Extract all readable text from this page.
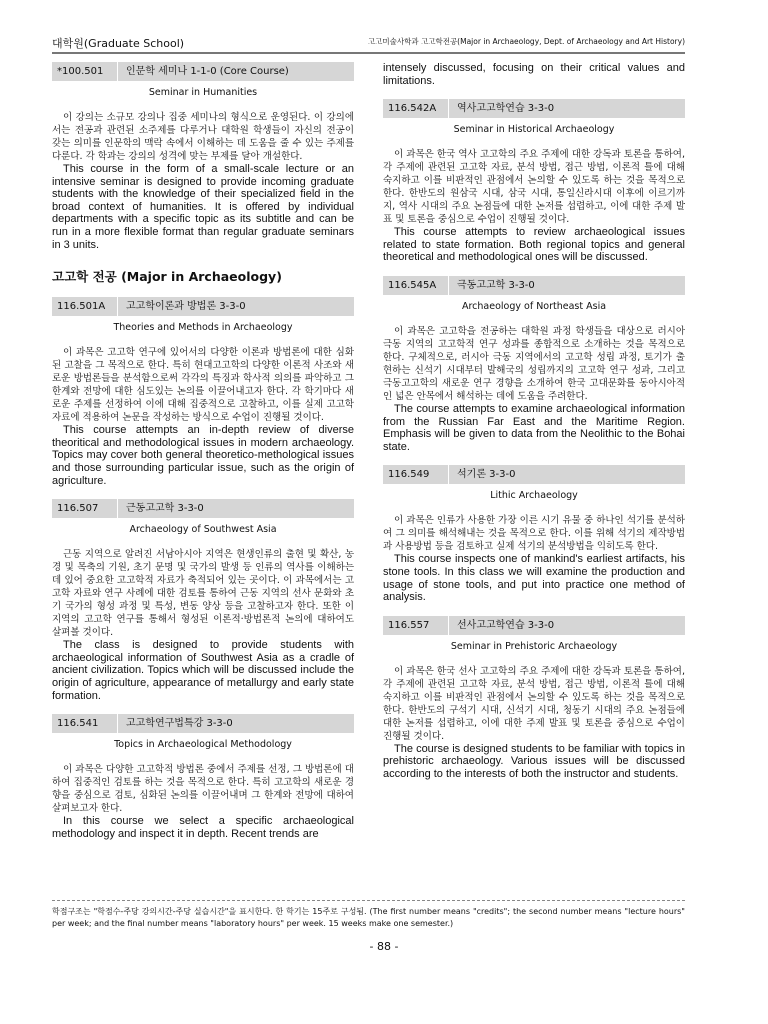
대학원(Graduate School)	고고미술사학과 고고학전공(Major in Archaeology, Dept. of Archaeology and Art History)
*100.501	인문학 세미나 1-1-0 (Core Course)
Seminar in Humanities

이 강의는 소규모 강의나 집중 세미나의 형식으로 운영된다. 이 강의에서는 전공과 관련된 소주제를 다루거나 대학원 학생들이 자신의 전공이 갖는 의미를 인문학의 맥락 속에서 이해하는 데 도움을 줄 수 있는 주제를 다룬다. 각 학과는 강의의 성격에 맞는 부제를 달아 개설한다.

This course in the form of a small-scale lecture or an intensive seminar is designed to provide incoming graduate students with the knowledge of their specialized field in the broad context of humanities. It is offered by individual departments with a specific topic as its subtitle and can be run in a more flexible format than regular graduate seminars in 3 units.

고고학 전공 (Major in Archaeology)
116.501A	고고학이론과 방법론 3-3-0
Theories and Methods in Archaeology

이 과목은 고고학 연구에 있어서의 다양한 이론과 방법론에 대한 심화된 고찰을 그 목적으로 한다. 특히 현대고고학의 다양한 이론적 사조와 새로운 방법론들을 분석함으로써 각각의 특징과 학사적 의의를 파악하고 그 한계와 전망에 대한 심도있는 논의를 이끌어내고자 한다. 각 학기마다 새로운 주제를 선정하여 이에 대해 집중적으로 고찰하고, 이를 실제 고고학 자료에 적용하여 논문을 작성하는 방식으로 수업이 진행될 것이다.

This course attempts an in-depth review of diverse theoritical and methodological issues in modern archaeology. Topics may cover both general theoretico-methological issues and those surrounding particular issue, such as the origin of agriculture.

116.507	근동고고학 3-3-0
Archaeology of Southwest Asia

근동 지역으로 알려진 서남아시아 지역은 현생인류의 출현 및 확산, 농경 및 목축의 기원, 초기 문명 및 국가의 발생 등 인류의 역사를 이해하는 데 있어 중요한 고고학적 자료가 축적되어 있는 곳이다. 이 과목에서는 고고학 자료와 연구 사례에 대한 검토를 통하여 근동 지역의 선사 문화와 초기 국가의 형성 과정 및 특성, 변동 양상 등을 고찰하고자 한다. 또한 이 지역의 고고학 연구를 통해서 형성된 이론적·방법론적 논의에 대하여도 살펴볼 것이다.

The class is designed to provide students with archaeological information of Southwest Asia as a cradle of ancient civilization. Topics which will be discussed include the origin of agriculture, appearance of metallurgy and early state formation.

116.541	고고학연구법특강 3-3-0
Topics in Archaeological Methodology

이 과목은 다양한 고고학적 방법론 중에서 주제를 선정, 그 방법론에 대하여 집중적인 검토를 하는 것을 목적으로 한다. 특히 고고학의 새로운 경향을 중심으로 검토, 심화된 논의를 이끌어내며 그 한계와 전망에 대하여 살펴보고자 한다.

In this course we select a specific archaeological methodology and inspect it in depth. Recent trends are

intensely discussed, focusing on their critical values and limitations.

116.542A	역사고고학연습 3-3-0
Seminar in Historical Archaeology

이 과목은 한국 역사 고고학의 주요 주제에 대한 강독과 토론을 통하여, 각 주제에 관련된 고고학 자료, 분석 방법, 접근 방법, 이론적 틀에 대해 숙지하고 이를 비판적인 관점에서 논의할 수 있도록 하는 것을 목적으로 한다. 한반도의 원삼국 시대, 삼국 시대, 통일신라시대 이후에 이르기까지, 역사 시대의 주요 논점들에 대한 논저를 섭렵하고, 이에 대한 주제 발표 및 토론을 중심으로 수업이 진행될 것이다.

This course attempts to review archaeological issues related to state formation. Both regional topics and general theoretical and methodological ones will be discussed.

116.545A	극동고고학 3-3-0
Archaeology of Northeast Asia

이 과목은 고고학을 전공하는 대학원 과정 학생들을 대상으로 러시아 극동 지역의 고고학적 연구 성과를 종합적으로 소개하는 것을 목적으로 한다. 구체적으로, 러시아 극동 지역에서의 고고학 성립 과정, 토기가 출현하는 신석기 시대부터 발해국의 성립까지의 고고학 연구 성과, 그리고 극동고고학의 새로운 연구 경향을 소개하여 한국 고대문화를 동아시아적인 넓은 안목에서 해석하는 데에 도움을 주려한다.

The course attempts to examine archaeological information from the Russian Far East and the Maritime Region. Emphasis will be given to data from the Neolithic to the Bohai state.

116.549	석기론 3-3-0
Lithic Archaeology

이 과목은 인류가 사용한 가장 이른 시기 유물 중 하나인 석기를 분석하여 그 의미를 해석해내는 것을 목적으로 한다. 이를 위해 석기의 제작방법과 사용방법 등을 검토하고 실제 석기의 분석방법을 익히도록 한다.

This course inspects one of mankind's earliest artifacts, his stone tools. In this class we will examine the production and usage of stone tools, and put into practice one method of analysis.

116.557	선사고고학연습 3-3-0
Seminar in Prehistoric Archaeology

이 과목은 한국 선사 고고학의 주요 주제에 대한 강독과 토론을 통하여, 각 주제에 관련된 고고학 자료, 분석 방법, 접근 방법, 이론적 틀에 대해 숙지하고 이를 비판적인 관점에서 논의할 수 있도록 하는 것을 목적으로 한다. 한반도의 구석기 시대, 신석기 시대, 청동기 시대의 주요 논점들에 대한 논저를 섭렵하고, 이에 대한 주제 발표 및 토론을 중심으로 수업이 진행될 것이다.

The course is designed students to be familiar with topics in prehistoric archaeology. Various issues will be discussed according to the interests of both the instructor and students.

학점구조는 "학점수-주당 강의시간-주당 실습시간"을 표시한다. 한 학기는 15주로 구성됨. (The first number means "credits"; the second number means "lecture hours" per week; and the final number means "laboratory hours" per week. 15 weeks make one semester.)
- 88 -
